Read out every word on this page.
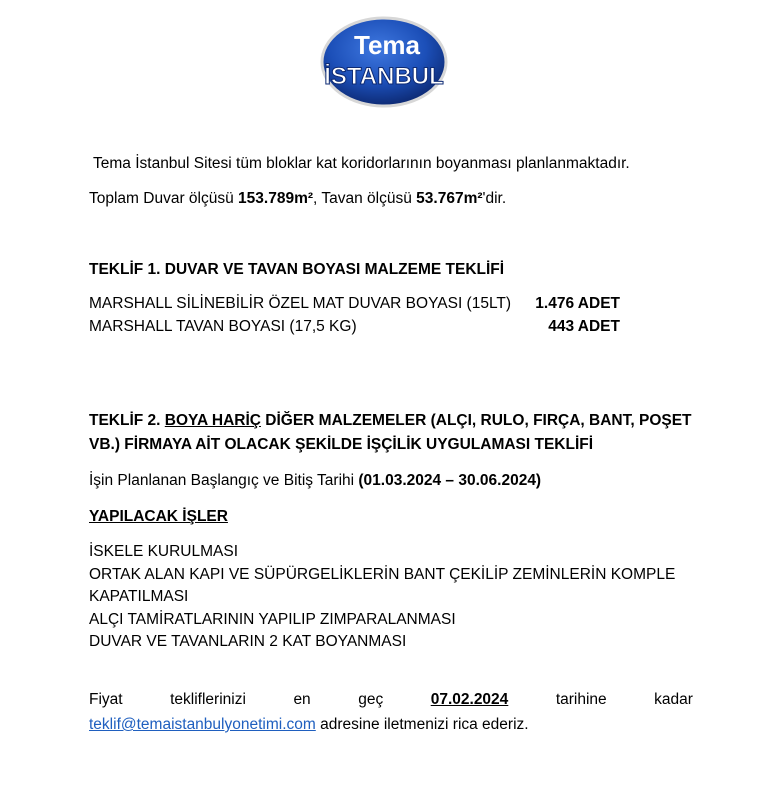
Tema
İSTANBUL
Tema İstanbul Sitesi tüm bloklar kat koridorlarının boyanması planlanmaktadır.
Toplam Duvar ölçüsü 153.789m², Tavan ölçüsü 53.767m²'dir.
TEKLİF 1. DUVAR VE TAVAN BOYASI MALZEME TEKLİFİ
MARSHALL SİLİNEBİLİR ÖZEL MAT DUVAR BOYASI (15LT) 1.476 ADET
MARSHALL TAVAN BOYASI (17,5 KG)	443 ADET
TEKLİF 2. BOYA HARİÇ DİĞER MALZEMELER (ALÇI, RULO, FIRÇA, BANT, POŞET
VB.) FİRMAYA AİT OLACAK ŞEKİLDE İŞÇİLİK UYGULAMASI TEKLİFİ
İşin Planlanan Başlangıç ve Bitiş Tarihi (01.03.2024 – 30.06.2024)
YAPILACAK İŞLER
İSKELE KURULMASI
ORTAK ALAN KAPI VE SÜPÜRGELİKLERİN BANT ÇEKİLİP ZEMİNLERİN KOMPLE
KAPATILMASI
ALÇI TAMİRATLARININ YAPILIP ZIMPARALANMASI
DUVAR VE TAVANLARIN 2 KAT BOYANMASI
Fiyat	tekliflerinizi	en	geç	07.02.2024	tarihine	kadar
teklif@temaistanbulyonetimi.com adresine iletmenizi rica ederiz.
